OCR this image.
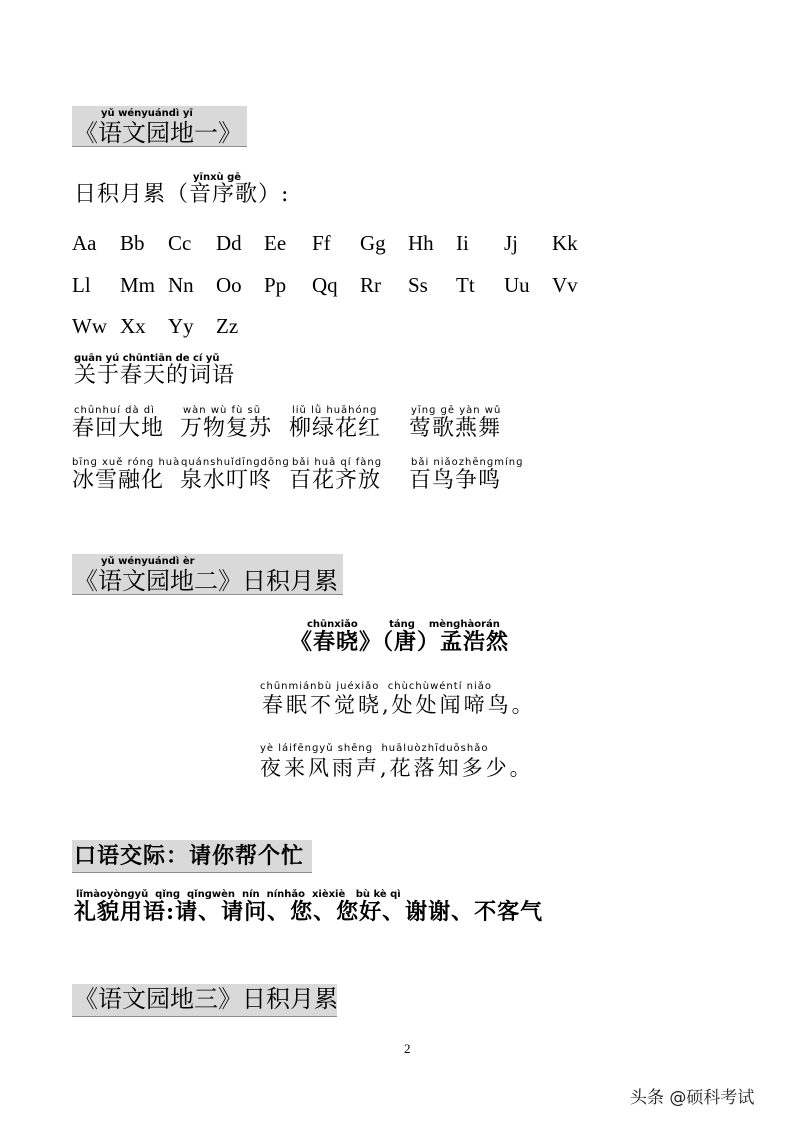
yǔ wényuándì yī
《语文园地一》
yīnxù gē
日积月累（音序歌）:
Aa Bb Cc Dd Ee Ff Gg Hh Ii Jj Kk
Ll Mm Nn Oo Pp Qq Rr Ss Tt Uu Vv
Ww Xx Yy Zz
ɡuān yú chūntiān de cí yǔ
关于春天的词语
chūnhuí dà dì
春回大地
wàn wù fù sū
万物复苏
liǔ lǜ huāhónɡ
柳绿花红
yīnɡ ɡē yàn wǔ
莺歌燕舞
bīnɡ xuě rónɡ huà
冰雪融化
quánshuǐdīnɡdōnɡ
泉水叮咚
bǎi huā qí fànɡ
百花齐放
bǎi niǎozhēnɡmínɡ
百鸟争鸣
yǔ wényuándì èr
《语文园地二》日积月累
chūnxiǎo         tánɡ    mènɡhàorán
《春晓》（唐）孟浩然
chūnmiánbù juéxiǎo  chùchùwéntí niǎo
春眠不觉晓,处处闻啼鸟。
yè láifēnɡyǔ shēnɡ  huāluòzhīduōshǎo
夜来风雨声,花落知多少。
口语交际：请你帮个忙
lǐmàoyònɡyǔ  qǐnɡ  qǐnɡwèn  nín  nínhǎo  xièxiè   bù kè qì
礼貌用语:请、请问、您、您好、谢谢、不客气
《语文园地三》日积月累
2
头条 @硕科考试
